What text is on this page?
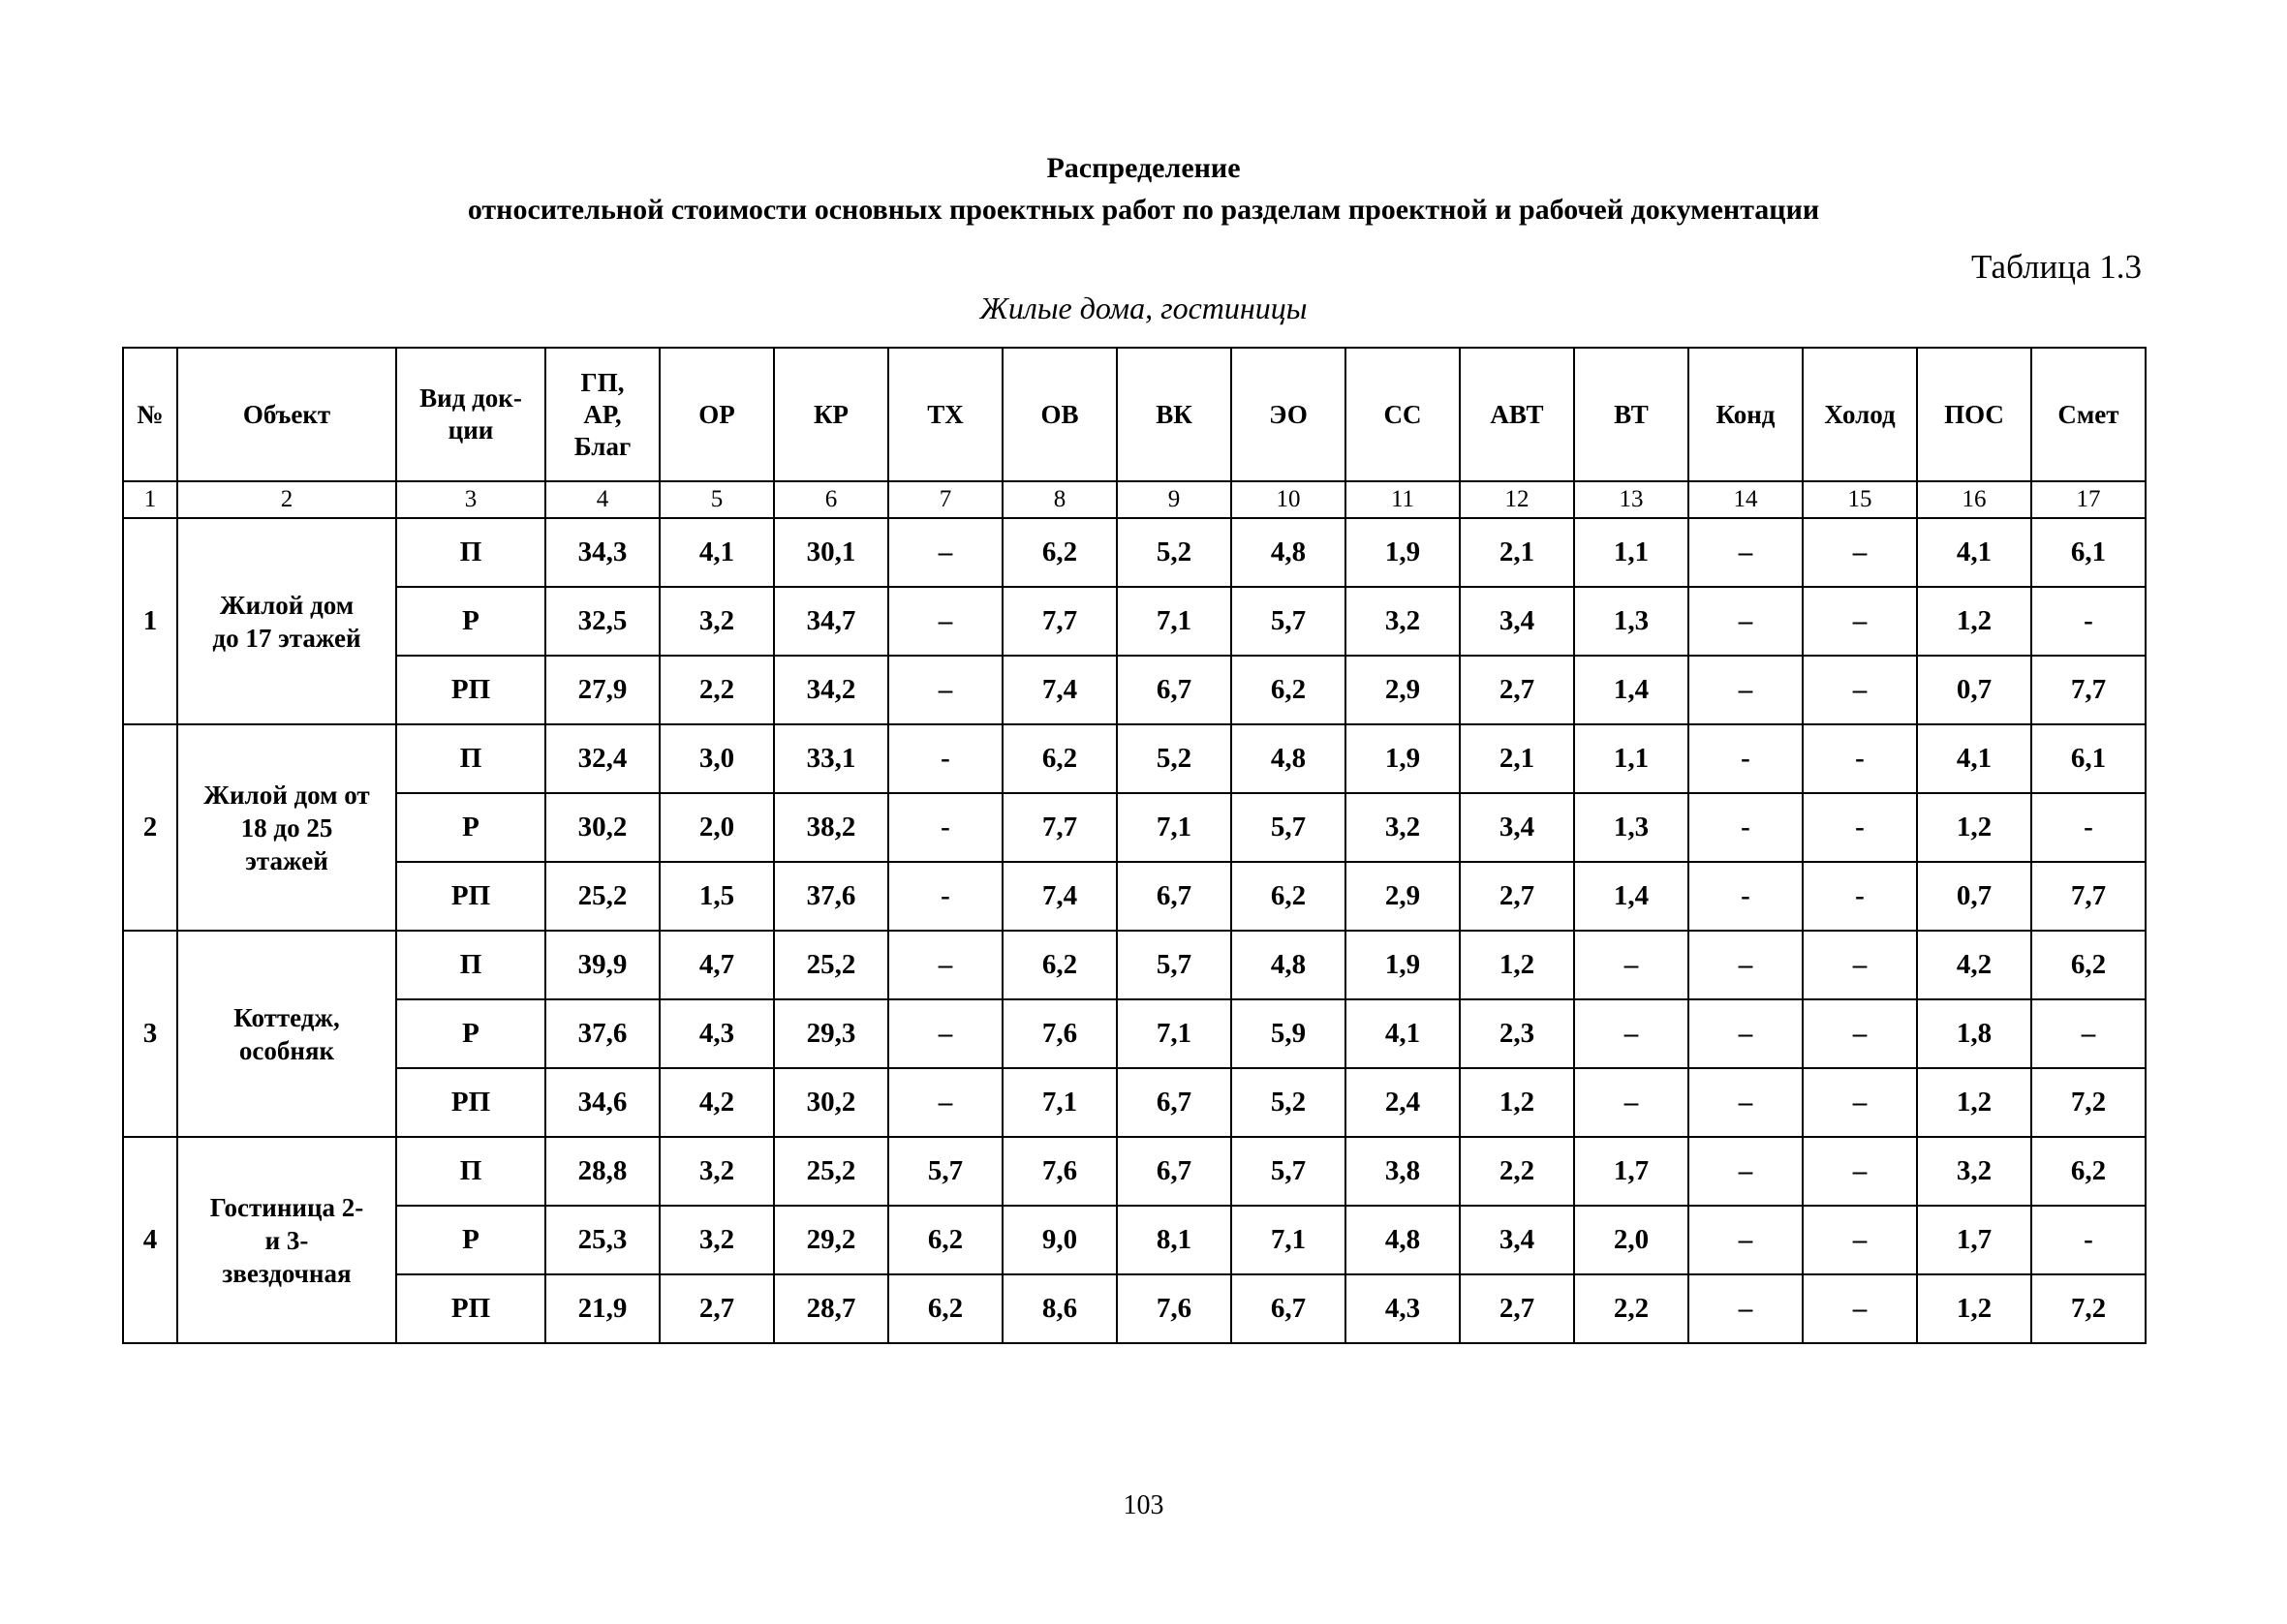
Распределение
относительной стоимости основных проектных работ по разделам проектной и рабочей документации
Таблица 1.3
Жилые дома, гостиницы
№	Объект	Вид док-ции	ГП, АР, Благ	ОР	КР	ТХ	ОВ	ВК	ЭО	СС	АВТ	ВТ	Конд	Холод	ПОС	Смет
1	2	3	4	5	6	7	8	9	10	11	12	13	14	15	16	17
1	Жилой дом до 17 этажей	П	34,3	4,1	30,1	–	6,2	5,2	4,8	1,9	2,1	1,1	–	–	4,1	6,1
		Р	32,5	3,2	34,7	–	7,7	7,1	5,7	3,2	3,4	1,3	–	–	1,2	-
		РП	27,9	2,2	34,2	–	7,4	6,7	6,2	2,9	2,7	1,4	–	–	0,7	7,7
2	Жилой дом от 18 до 25 этажей	П	32,4	3,0	33,1	-	6,2	5,2	4,8	1,9	2,1	1,1	-	-	4,1	6,1
		Р	30,2	2,0	38,2	-	7,7	7,1	5,7	3,2	3,4	1,3	-	-	1,2	-
		РП	25,2	1,5	37,6	-	7,4	6,7	6,2	2,9	2,7	1,4	-	-	0,7	7,7
3	Коттедж, особняк	П	39,9	4,7	25,2	–	6,2	5,7	4,8	1,9	1,2	–	–	–	4,2	6,2
		Р	37,6	4,3	29,3	–	7,6	7,1	5,9	4,1	2,3	–	–	–	1,8	–
		РП	34,6	4,2	30,2	–	7,1	6,7	5,2	2,4	1,2	–	–	–	1,2	7,2
4	Гостиница 2- и 3-звездочная	П	28,8	3,2	25,2	5,7	7,6	6,7	5,7	3,8	2,2	1,7	–	–	3,2	6,2
		Р	25,3	3,2	29,2	6,2	9,0	8,1	7,1	4,8	3,4	2,0	–	–	1,7	-
		РП	21,9	2,7	28,7	6,2	8,6	7,6	6,7	4,3	2,7	2,2	–	–	1,2	7,2
103
